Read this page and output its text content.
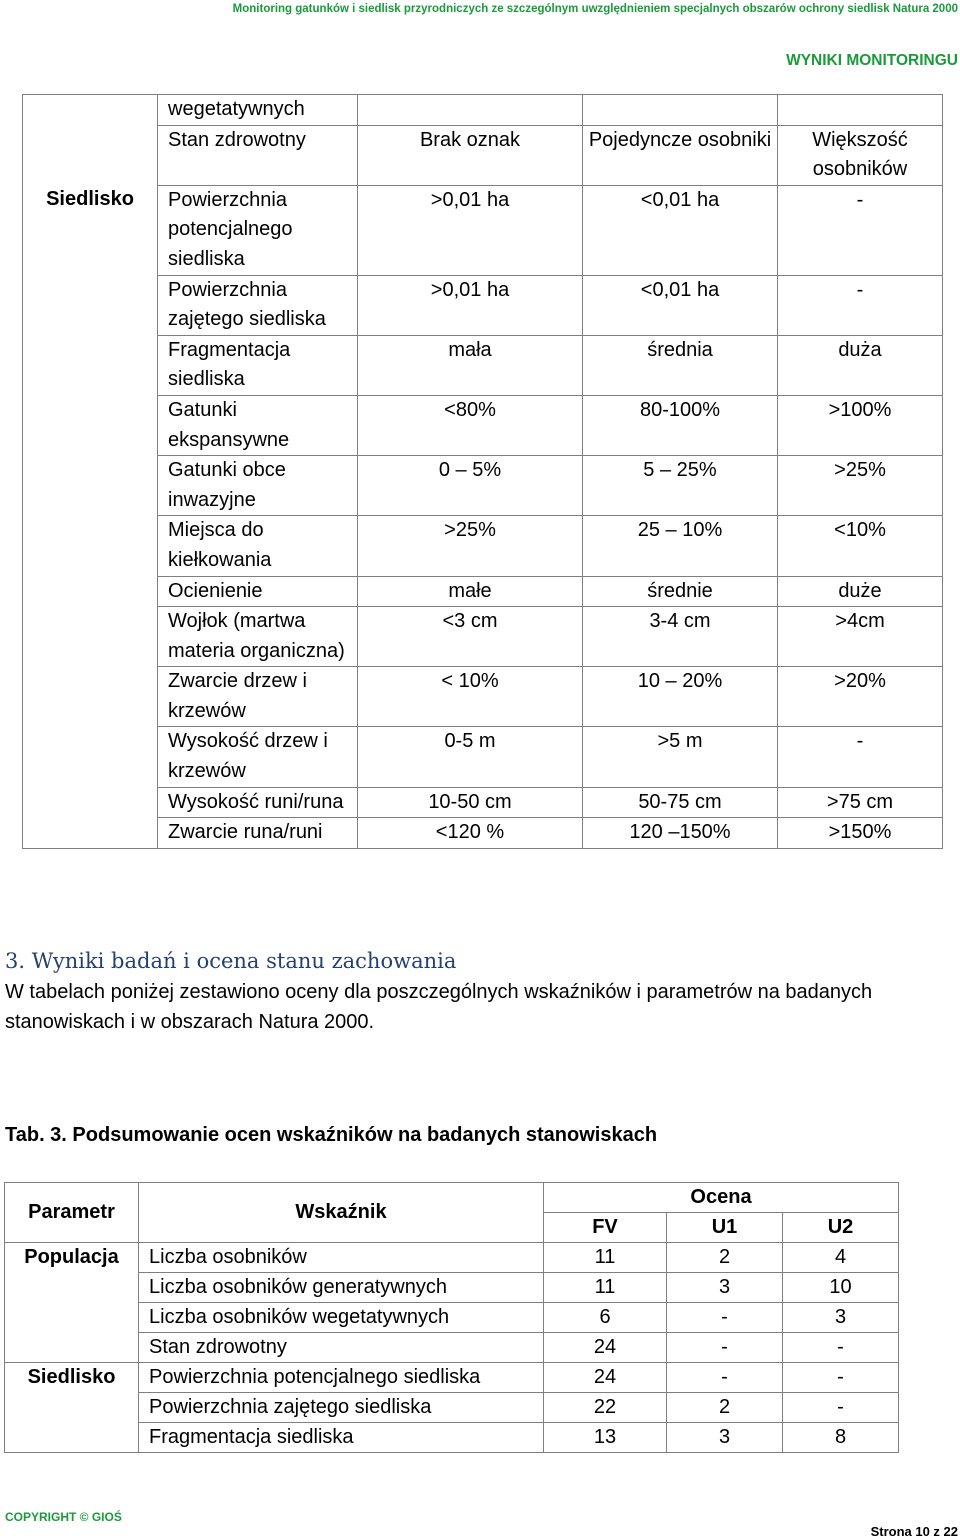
Monitoring gatunków i siedlisk przyrodniczych ze szczególnym uwzględnieniem specjalnych obszarów ochrony siedlisk Natura 2000
WYNIKI MONITORINGU
	wegetatywnych			

	Stan zdrowotny	Brak oznak	Pojedyncze osobniki	Większość osobników

Siedlisko	Powierzchnia potencjalnego siedliska	>0,01 ha	<0,01 ha	-

	Powierzchnia zajętego siedliska	>0,01 ha	<0,01 ha	-

	Fragmentacja siedliska	mała	średnia	duża

	Gatunki ekspansywne	<80%	80-100%	>100%

	Gatunki obce inwazyjne	0 – 5%	5 – 25%	>25%

	Miejsca do kiełkowania	>25%	25 – 10%	<10%

	Ocienienie	małe	średnie	duże

	Wojłok (martwa materia organiczna)	<3 cm	3-4 cm	>4cm

	Zwarcie drzew i krzewów	< 10%	10 – 20%	>20%

	Wysokość drzew i krzewów	0-5 m	>5 m	-

	Wysokość runi/runa	10-50 cm	50-75 cm	>75 cm

	Zwarcie runa/runi	<120 %	120 –150%	>150%
3. Wyniki badań i ocena stanu zachowania
W tabelach poniżej zestawiono oceny dla poszczególnych wskaźników i parametrów na badanych stanowiskach i w obszarach Natura 2000.
Tab. 3. Podsumowanie ocen wskaźników na badanych stanowiskach
Parametr	Wskaźnik	Ocena		
		FV	U1	U2
Populacja	Liczba osobników	11	2	4
	Liczba osobników generatywnych	11	3	10
	Liczba osobników wegetatywnych	6	-	3
	Stan zdrowotny	24	-	-
Siedlisko	Powierzchnia potencjalnego siedliska	24	-	-
	Powierzchnia zajętego siedliska	22	2	-
	Fragmentacja siedliska	13	3	8
COPYRIGHT © GIOŚ
Strona 10 z 22
